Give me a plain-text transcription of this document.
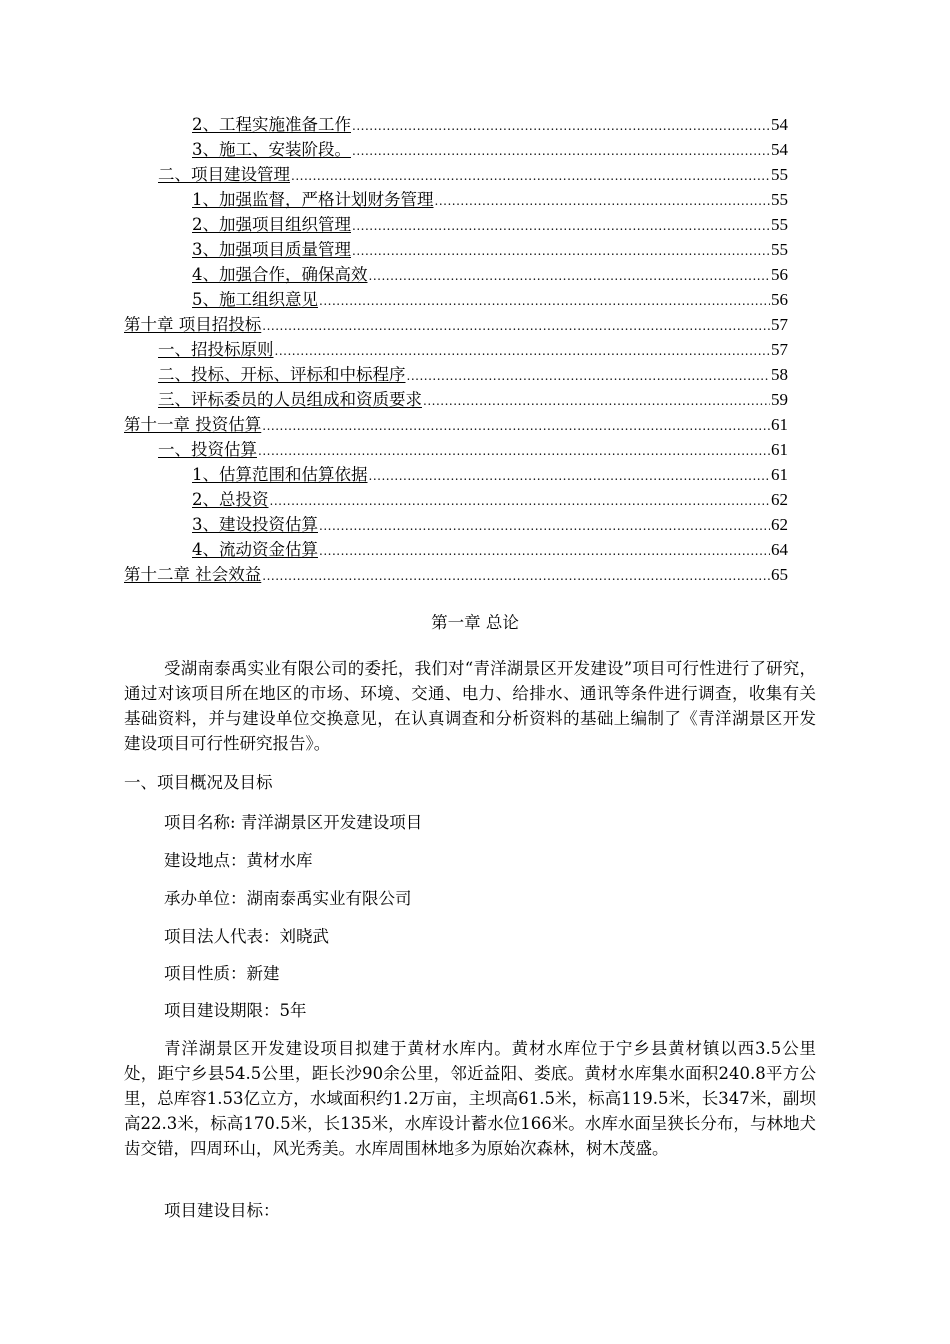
2、工程实施准备工作 .....	54
3、施工、安装阶段。 .....	54
二、项目建设管理 .....	55
1、加强监督，严格计划财务管理 .....	55
2、加强项目组织管理 .....	55
3、加强项目质量管理 .....	55
4、加强合作，确保高效 .....	56
5、施工组织意见 .....	56
第十章 项目招投标 .....	57
一、招投标原则 .....	57
二、投标、开标、评标和中标程序 .....	58
三、评标委员的人员组成和资质要求 .....	59
第十一章 投资估算 .....	61
一、投资估算 .....	61
1、估算范围和估算依据 .....	61
2、总投资 .....	62
3、建设投资估算 .....	62
4、流动资金估算 .....	64
第十二章 社会效益 .....	65
第一章 总论

受湖南泰禹实业有限公司的委托，我们对“青洋湖景区开发建设”项目可行性进行了研究，通过对该项目所在地区的市场、环境、交通、电力、给排水、通讯等条件进行调查，收集有关基础资料，并与建设单位交换意见，在认真调查和分析资料的基础上编制了《青洋湖景区开发建设项目可行性研究报告》。

一、项目概况及目标

项目名称: 青洋湖景区开发建设项目

建设地点：黄材水库

承办单位：湖南泰禹实业有限公司

项目法人代表：刘晓武

项目性质：新建

项目建设期限：5年

青洋湖景区开发建设项目拟建于黄材水库内。黄材水库位于宁乡县黄材镇以西3.5公里处，距宁乡县54.5公里，距长沙90余公里，邻近益阳、娄底。黄材水库集水面积240.8平方公里，总库容1.53亿立方，水域面积约1.2万亩，主坝高61.5米，标高119.5米，长347米，副坝高22.3米，标高170.5米，长135米，水库设计蓄水位166米。水库水面呈狭长分布，与林地犬齿交错，四周环山，风光秀美。水库周围林地多为原始次森林，树木茂盛。

项目建设目标：
